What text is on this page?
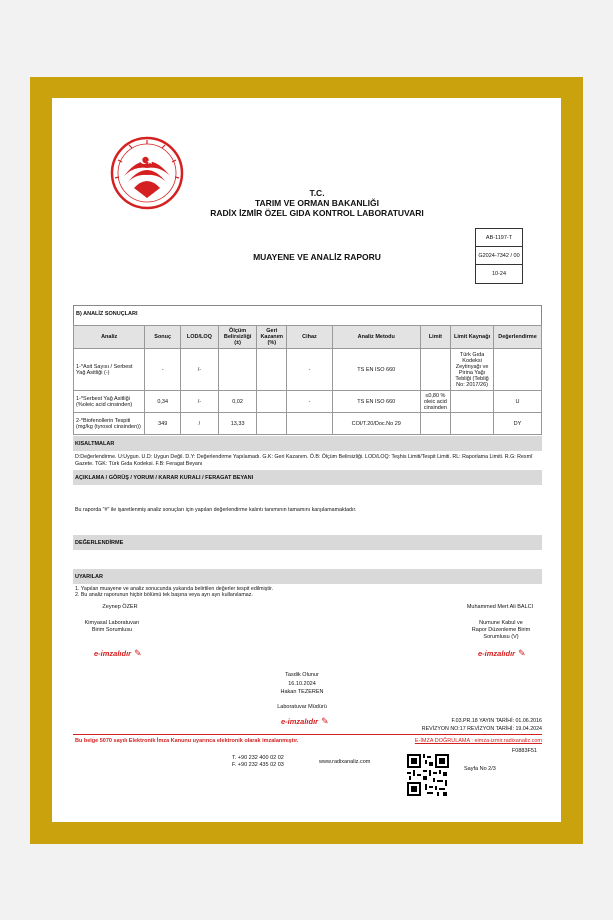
T.C.
TARIM VE ORMAN BAKANLIĞI
RADİX İZMİR ÖZEL GIDA KONTROL LABORATUVARI
MUAYENE VE ANALİZ RAPORU
AB-1197-T
G2024-7342 / 00
10-24
B) ANALİZ SONUÇLARI
Analiz	Sonuç	LOD/LOQ	Ölçüm Belirsizliği (±)	Geri Kazanım (%)	Cihaz	Analiz Metodu	Limit	Limit Kaynağı	Değerlendirme
1-*Asit Sayısı / Serbest Yağ Asitliği (-)	-	/-			-	TS EN ISO 660		Türk Gıda Kodeksi Zeytinyağı ve Pirina Yağı Tebliği (Tebliğ No: 2017/26)	
1-*Serbest Yağ Asitliği (%oleic acid cinsinden)	0,34	/-	0,02		-	TS EN ISO 660	≤0,80 % oleic acid cinsinden		U
2-*Biofenollerin Tespiti (mg/kg (tyrosol cinsinden))	349	/	13,33			COI/T.20/Doc.No 29			DY
KISALTMALAR
D:Değerlendirme. U:Uygun. U.D: Uygun Değil. D.Y: Değerlendirme Yapılamadı. G.K: Geri Kazanım. Ö.B: Ölçüm Belirsizliği. LOD/LOQ: Teşhis Limiti/Tespit Limiti. RL: Raporlama Limiti. R.G: Resmî Gazete. TGK: Türk Gıda Kodeksi. F.B: Feragat Beyanı
AÇIKLAMA / GÖRÜŞ / YORUM / KARAR KURALI / FERAGAT BEYANI
Bu raporda "#" ile işaretlenmiş analiz sonuçları için yapılan değerlendirme kalıntı tanımının tamamını karşılamamaktadır.
DEĞERLENDİRME
UYARILAR
1. Yapılan muayene ve analiz sonucunda yukarıda belirtilen değerler tespit edilmiştir.
2. Bu analiz raporunun hiçbir bölümü tek başına veya ayrı ayrı kullanılamaz.
Zeynep ÖZER
Kimyasal Laboratuvarı
Birim Sorumlusu
e-imzalıdır ✎
Muhammed Mert Ali BALCI
Numune Kabul ve
Rapor Düzenleme Birim
Sorumlusu (V)
e-imzalıdır ✎
Tasdik Olunur
16.10.2024
Hakan TEZEREN
Laboratuvar Müdürü
e-imzalıdır ✎	F.03.PR.18 YAYIN TARİHİ: 01.06.2016
REVİZYON NO:17 REVİZYON TARİHİ: 19.04.2024
Bu belge 5070 sayılı Elektronik İmza Kanunu uyarınca elektronik olarak imzalanmıştır.	E-İMZA DOĞRULAMA : eimza-izmir.radixanaliz.com
F0883F51
T. +90 232 400 02 02
F. +90 232 435 02 03	www.radixanaliz.com
Sayfa No 2/3
